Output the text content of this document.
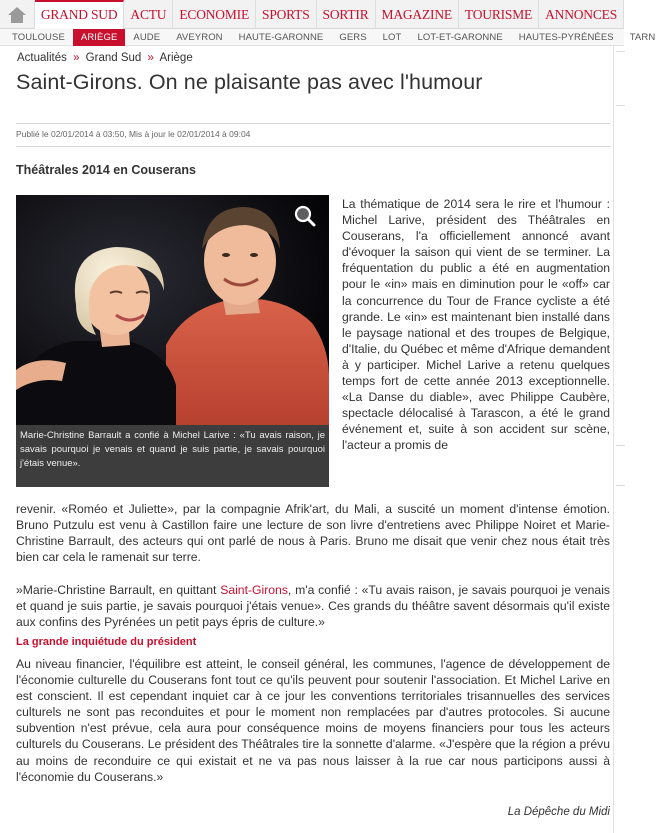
GRAND SUD ACTU ECONOMIE SPORTS SORTIR MAGAZINE TOURISME ANNONCES
TOULOUSE	ARIÈGE	AUDE	AVEYRON	HAUTE-GARONNE	GERS	LOT	LOT-ET-GARONNE	HAUTES-PYRÉNÉES	TARN
Actualités » Grand Sud » Ariège
Saint-Girons. On ne plaisante pas avec l'humour
Publié le 02/01/2014 à 03:50, Mis à jour le 02/01/2014 à 09:04
Théâtrales 2014 en Couserans
Marie-Christine Barrault a confié à Michel Larive : «Tu avais raison, je savais pourquoi je venais et quand je suis partie, je savais pourquoi j'étais venue».

La thématique de 2014 sera le rire et l'humour : Michel Larive, président des Théâtrales en Couserans, l'a officiellement annoncé avant d'évoquer la saison qui vient de se terminer. La fréquentation du public a été en augmentation pour le «in» mais en diminution pour le «off» car la concurrence du Tour de France cycliste a été grande. Le «in» est maintenant bien installé dans le paysage national et des troupes de Belgique, d'Italie, du Québec et même d'Afrique demandent à y participer. Michel Larive a retenu quelques temps fort de cette année 2013 exceptionnelle. «La Danse du diable», avec Philippe Caubère, spectacle délocalisé à Tarascon, a été le grand événement et, suite à son accident sur scène, l'acteur a promis de

revenir. «Roméo et Juliette», par la compagnie Afrik'art, du Mali, a suscité un moment d'intense émotion. Bruno Putzulu est venu à Castillon faire une lecture de son livre d'entretiens avec Philippe Noiret et Marie-Christine Barrault, des acteurs qui ont parlé de nous à Paris. Bruno me disait que venir chez nous était très bien car cela le ramenait sur terre.

»Marie-Christine Barrault, en quittant Saint-Girons, m'a confié : «Tu avais raison, je savais pourquoi je venais et quand je suis partie, je savais pourquoi j'étais venue». Ces grands du théâtre savent désormais qu'il existe aux confins des Pyrénées un petit pays épris de culture.»

La grande inquiétude du président

Au niveau financier, l'équilibre est atteint, le conseil général, les communes, l'agence de développement de l'économie culturelle du Couserans font tout ce qu'ils peuvent pour soutenir l'association. Et Michel Larive en est conscient. Il est cependant inquiet car à ce jour les conventions territoriales trisannuelles des services culturels ne sont pas reconduites et pour le moment non remplacées par d'autres protocoles. Si aucune subvention n'est prévue, cela aura pour conséquence moins de moyens financiers pour tous les acteurs culturels du Couserans. Le président des Théâtrales tire la sonnette d'alarme. «J'espère que la région a prévu au moins de reconduire ce qui existait et ne va pas nous laisser à la rue car nous participons aussi à l'économie du Couserans.»

La Dépêche du Midi
